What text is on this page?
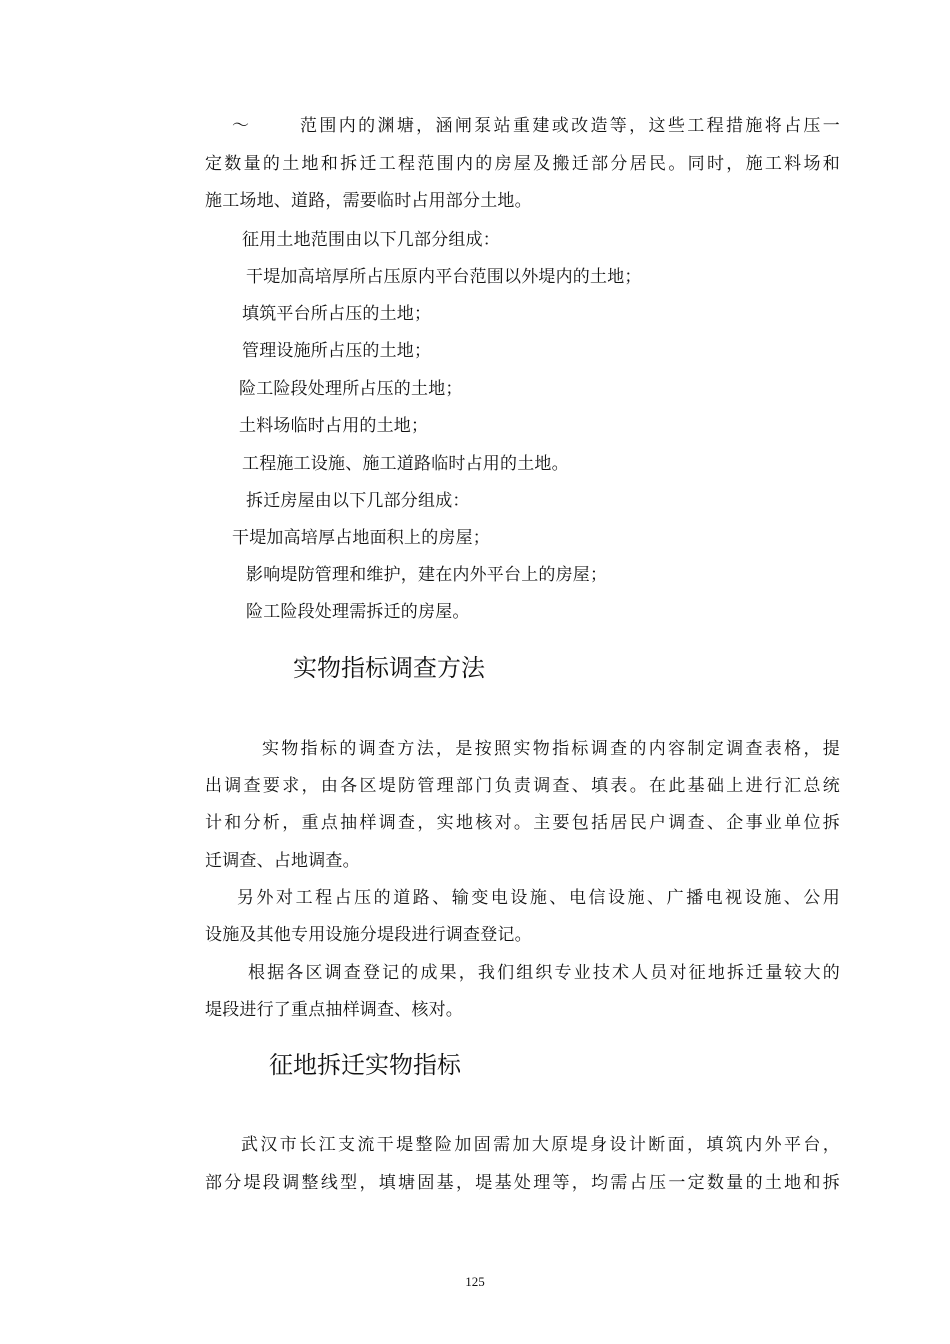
～	范围内的渊塘，涵闸泵站重建或改造等，这些工程措施将占压一
定数量的土地和拆迁工程范围内的房屋及搬迁部分居民。同时，施工料场和
施工场地、道路，需要临时占用部分土地。
征用土地范围由以下几部分组成：
干堤加高培厚所占压原内平台范围以外堤内的土地；
填筑平台所占压的土地；
管理设施所占压的土地；
险工险段处理所占压的土地；
土料场临时占用的土地；
工程施工设施、施工道路临时占用的土地。
拆迁房屋由以下几部分组成：
干堤加高培厚占地面积上的房屋；
影响堤防管理和维护，建在内外平台上的房屋；
险工险段处理需拆迁的房屋。
实物指标调查方法
实物指标的调查方法，是按照实物指标调查的内容制定调查表格，提
出调查要求，由各区堤防管理部门负责调查、填表。在此基础上进行汇总统
计和分析，重点抽样调查，实地核对。主要包括居民户调查、企事业单位拆
迁调查、占地调查。
另外对工程占压的道路、输变电设施、电信设施、广播电视设施、公用
设施及其他专用设施分堤段进行调查登记。
根据各区调查登记的成果，我们组织专业技术人员对征地拆迁量较大的
堤段进行了重点抽样调查、核对。
征地拆迁实物指标
武汉市长江支流干堤整险加固需加大原堤身设计断面，填筑内外平台，
部分堤段调整线型，填塘固基，堤基处理等，均需占压一定数量的土地和拆
125
